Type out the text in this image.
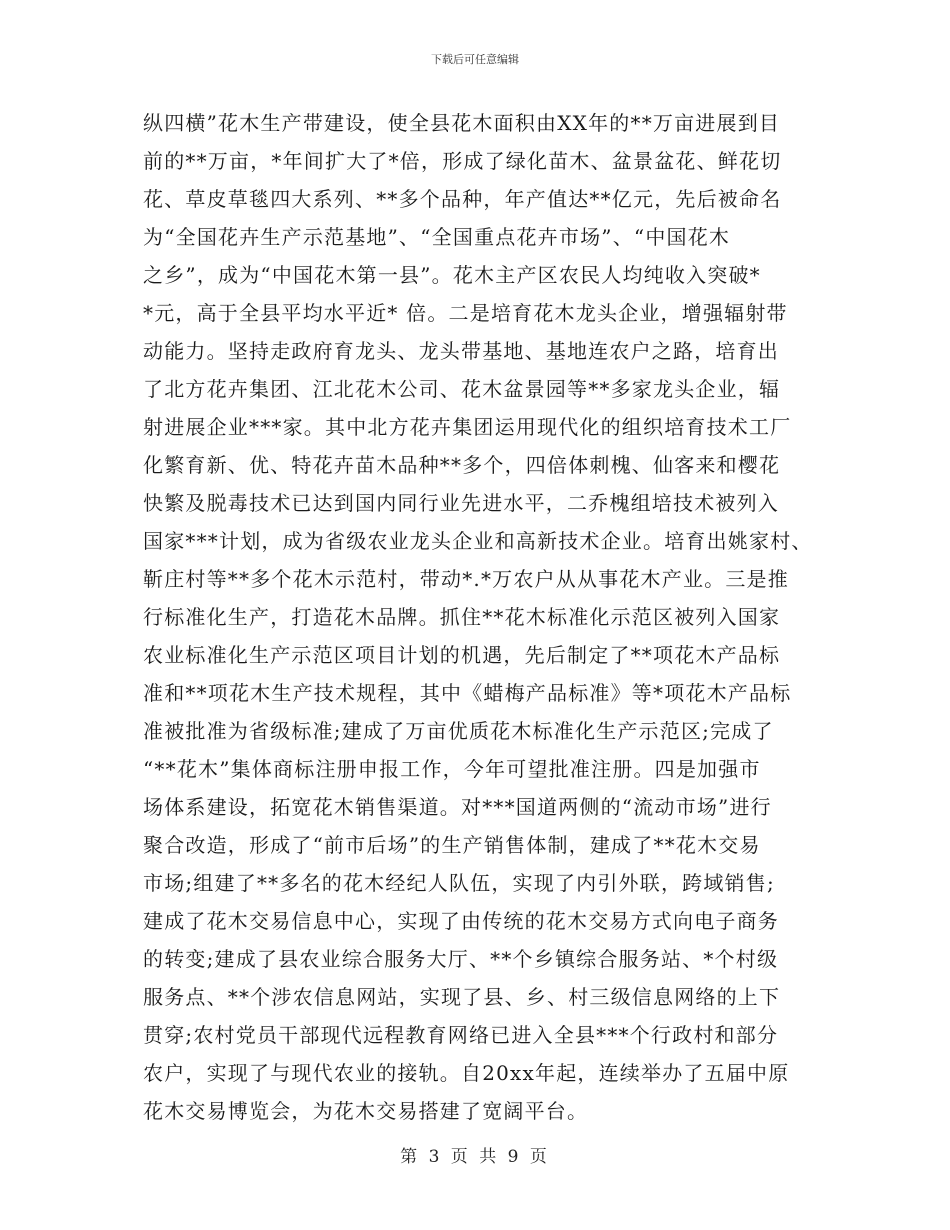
下载后可任意编辑
纵四横”花木生产带建设，使全县花木面积由XX年的**万亩进展到目
前的**万亩，*年间扩大了*倍，形成了绿化苗木、盆景盆花、鲜花切
花、草皮草毯四大系列、**多个品种，年产值达**亿元，先后被命名
为“全国花卉生产示范基地”、“全国重点花卉市场”、“中国花木
之乡”，成为“中国花木第一县”。花木主产区农民人均纯收入突破*
*元，高于全县平均水平近* 倍。二是培育花木龙头企业，增强辐射带
动能力。坚持走政府育龙头、龙头带基地、基地连农户之路，培育出
了北方花卉集团、江北花木公司、花木盆景园等**多家龙头企业，辐
射进展企业***家。其中北方花卉集团运用现代化的组织培育技术工厂
化繁育新、优、特花卉苗木品种**多个，四倍体刺槐、仙客来和樱花
快繁及脱毒技术已达到国内同行业先进水平，二乔槐组培技术被列入
国家***计划，成为省级农业龙头企业和高新技术企业。培育出姚家村、
靳庄村等**多个花木示范村，带动*.*万农户从从事花木产业。三是推
行标准化生产，打造花木品牌。抓住**花木标准化示范区被列入国家
农业标准化生产示范区项目计划的机遇，先后制定了**项花木产品标
准和**项花木生产技术规程，其中《蜡梅产品标准》等*项花木产品标
准被批准为省级标准;建成了万亩优质花木标准化生产示范区;完成了
“**花木”集体商标注册申报工作，今年可望批准注册。四是加强市
场体系建设，拓宽花木销售渠道。对***国道两侧的“流动市场”进行
聚合改造，形成了“前市后场”的生产销售体制，建成了**花木交易
市场;组建了**多名的花木经纪人队伍，实现了内引外联，跨域销售;
建成了花木交易信息中心，实现了由传统的花木交易方式向电子商务
的转变;建成了县农业综合服务大厅、**个乡镇综合服务站、*个村级
服务点、**个涉农信息网站，实现了县、乡、村三级信息网络的上下
贯穿;农村党员干部现代远程教育网络已进入全县***个行政村和部分
农户，实现了与现代农业的接轨。自20xx年起，连续举办了五届中原
花木交易博览会，为花木交易搭建了宽阔平台。
第 3 页 共 9 页
